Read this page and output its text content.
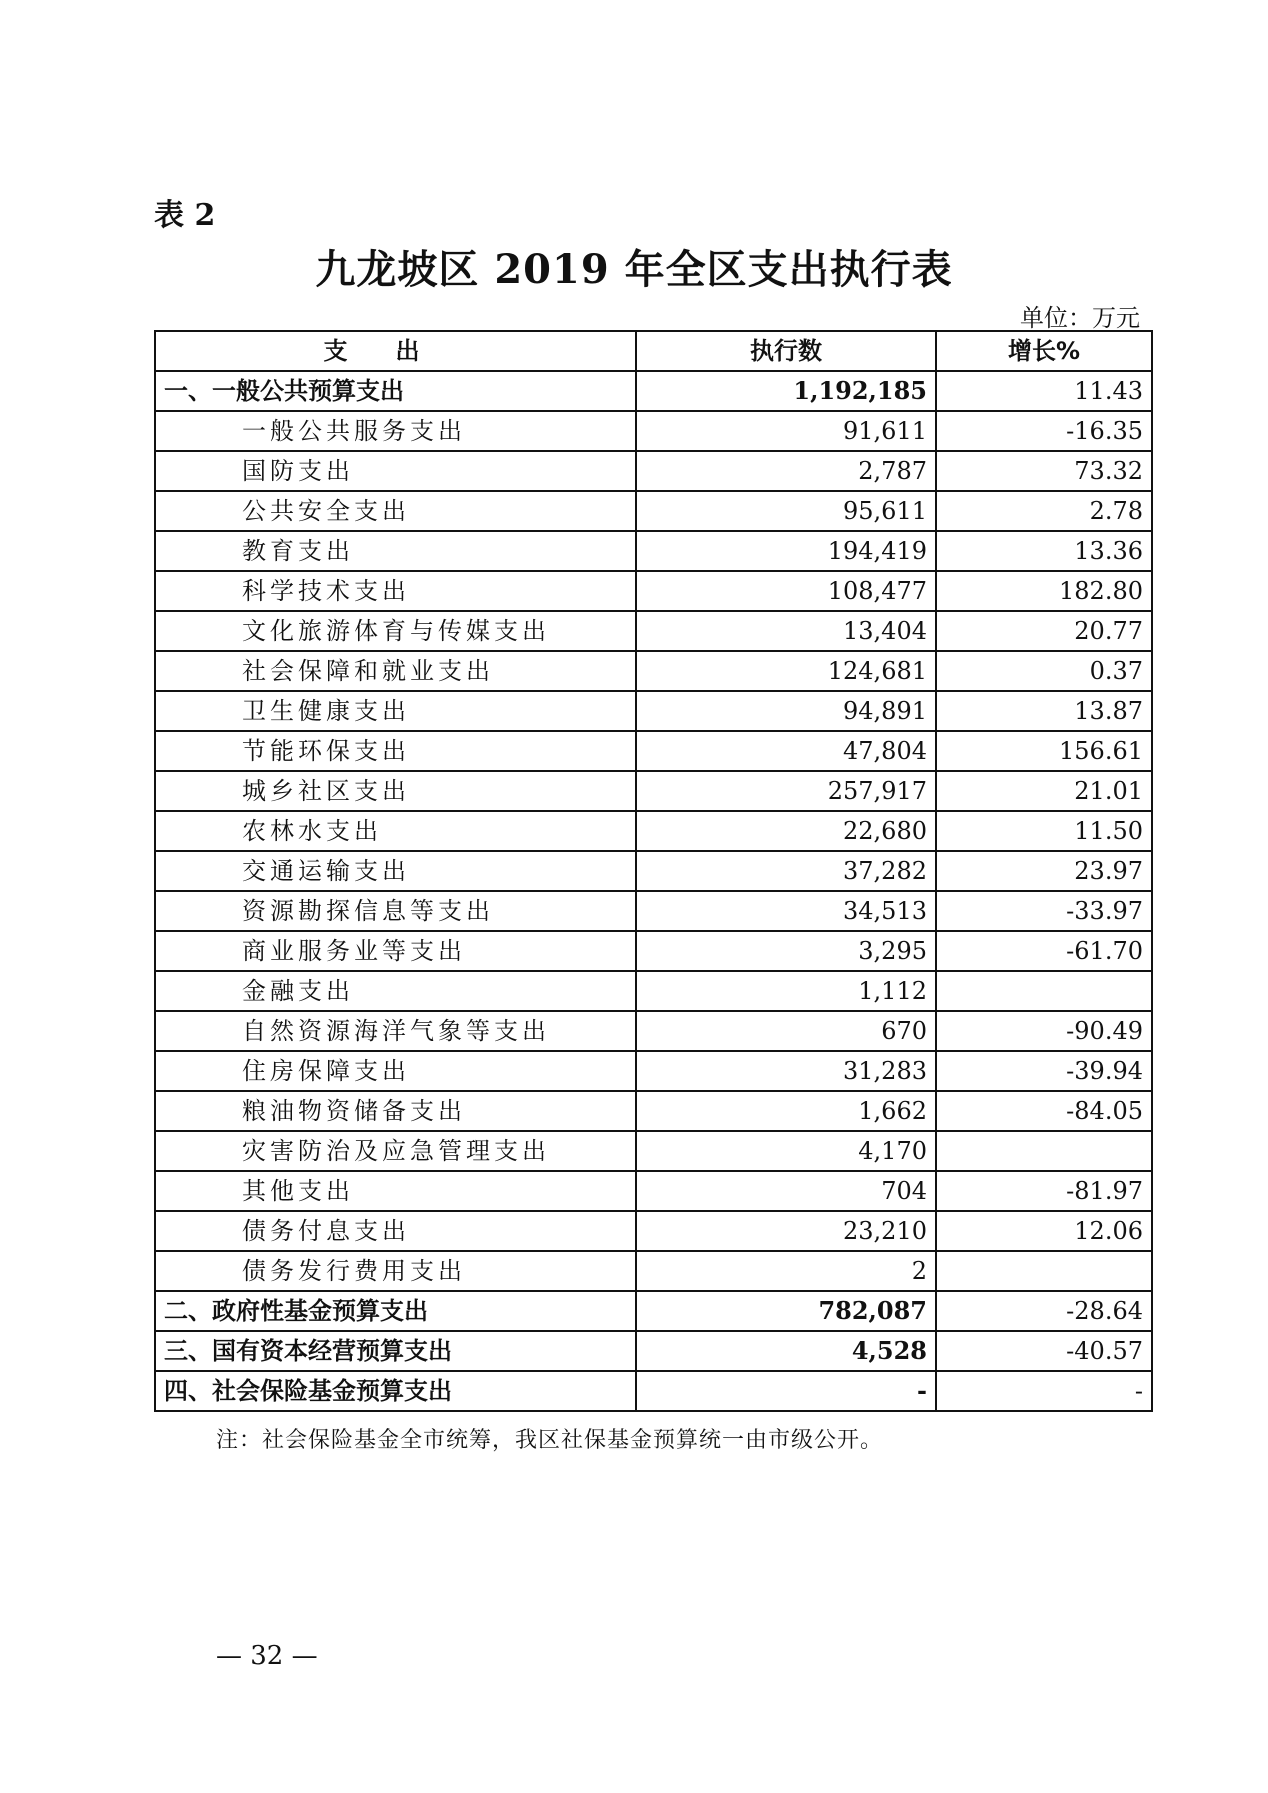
表 2
九龙坡区 2019 年全区支出执行表
单位：万元
支出	执行数	增长%
一、一般公共预算支出	1,192,185	11.43
一般公共服务支出	91,611	-16.35
国防支出	2,787	73.32
公共安全支出	95,611	2.78
教育支出	194,419	13.36
科学技术支出	108,477	182.80
文化旅游体育与传媒支出	13,404	20.77
社会保障和就业支出	124,681	0.37
卫生健康支出	94,891	13.87
节能环保支出	47,804	156.61
城乡社区支出	257,917	21.01
农林水支出	22,680	11.50
交通运输支出	37,282	23.97
资源勘探信息等支出	34,513	-33.97
商业服务业等支出	3,295	-61.70
金融支出	1,112	
自然资源海洋气象等支出	670	-90.49
住房保障支出	31,283	-39.94
粮油物资储备支出	1,662	-84.05
灾害防治及应急管理支出	4,170	
其他支出	704	-81.97
债务付息支出	23,210	12.06
债务发行费用支出	2	
二、政府性基金预算支出	782,087	-28.64
三、国有资本经营预算支出	4,528	-40.57
四、社会保险基金预算支出	-	-
注：社会保险基金全市统筹，我区社保基金预算统一由市级公开。
— 32 —
